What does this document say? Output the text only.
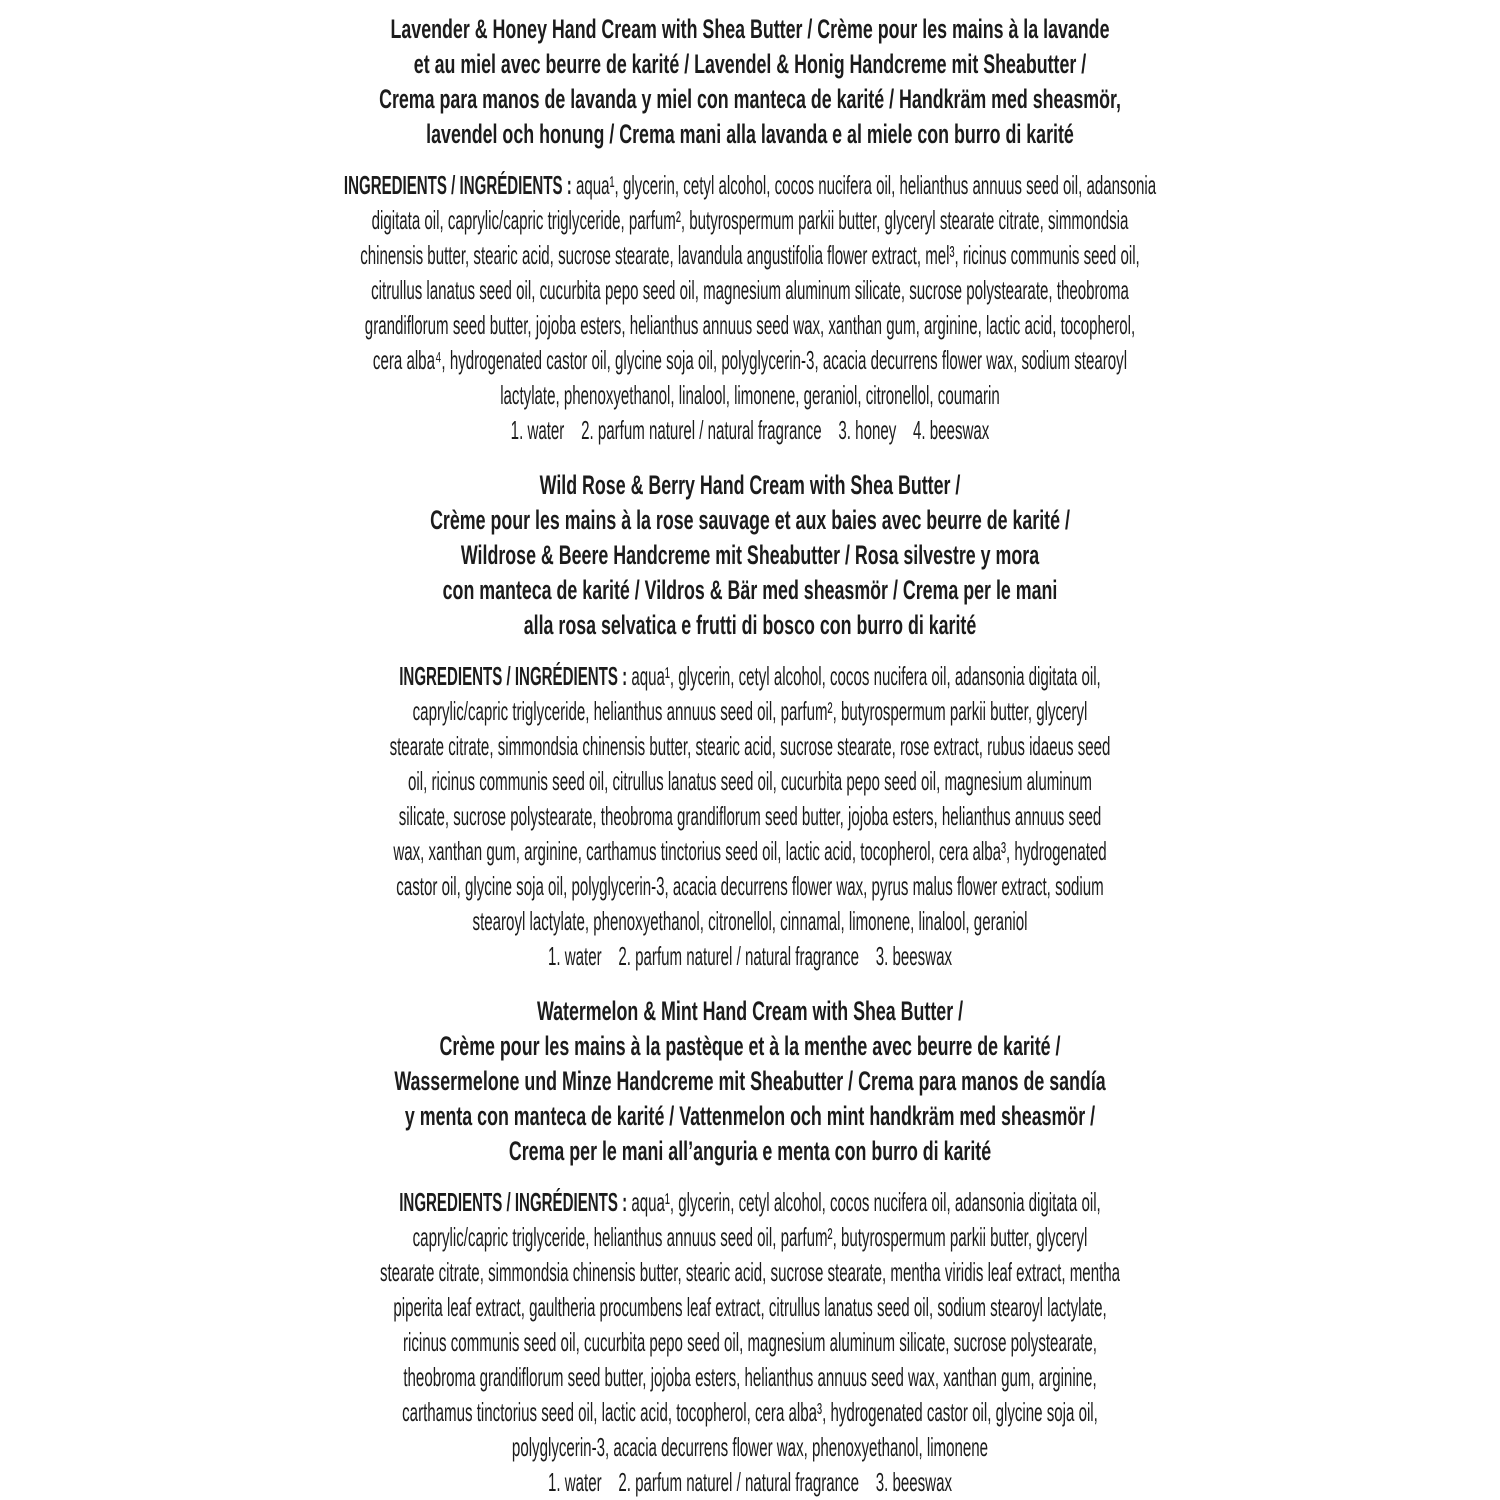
Lavender & Honey Hand Cream with Shea Butter / Crème pour les mains à la lavande
et au miel avec beurre de karité / Lavendel & Honig Handcreme mit Sheabutter /
Crema para manos de lavanda y miel con manteca de karité / Handkräm med sheasmör,
lavendel och honung / Crema mani alla lavanda e al miele con burro di karité
INGREDIENTS / INGRÉDIENTS : aqua¹, glycerin, cetyl alcohol, cocos nucifera oil, helianthus annuus seed oil, adansonia
digitata oil, caprylic/capric triglyceride, parfum², butyrospermum parkii butter, glyceryl stearate citrate, simmondsia
chinensis butter, stearic acid, sucrose stearate, lavandula angustifolia flower extract, mel³, ricinus communis seed oil,
citrullus lanatus seed oil, cucurbita pepo seed oil, magnesium aluminum silicate, sucrose polystearate, theobroma
grandiflorum seed butter, jojoba esters, helianthus annuus seed wax, xanthan gum, arginine, lactic acid, tocopherol,
cera alba⁴, hydrogenated castor oil, glycine soja oil, polyglycerin-3, acacia decurrens flower wax, sodium stearoyl
lactylate, phenoxyethanol, linalool, limonene, geraniol, citronellol, coumarin
1. water    2. parfum naturel / natural fragrance    3. honey    4. beeswax
Wild Rose & Berry Hand Cream with Shea Butter /
Crème pour les mains à la rose sauvage et aux baies avec beurre de karité /
Wildrose & Beere Handcreme mit Sheabutter / Rosa silvestre y mora
con manteca de karité / Vildros & Bär med sheasmör / Crema per le mani
alla rosa selvatica e frutti di bosco con burro di karité
INGREDIENTS / INGRÉDIENTS : aqua¹, glycerin, cetyl alcohol, cocos nucifera oil, adansonia digitata oil,
caprylic/capric triglyceride, helianthus annuus seed oil, parfum², butyrospermum parkii butter, glyceryl
stearate citrate, simmondsia chinensis butter, stearic acid, sucrose stearate, rose extract, rubus idaeus seed
oil, ricinus communis seed oil, citrullus lanatus seed oil, cucurbita pepo seed oil, magnesium aluminum
silicate, sucrose polystearate, theobroma grandiflorum seed butter, jojoba esters, helianthus annuus seed
wax, xanthan gum, arginine, carthamus tinctorius seed oil, lactic acid, tocopherol, cera alba³, hydrogenated
castor oil, glycine soja oil, polyglycerin-3, acacia decurrens flower wax, pyrus malus flower extract, sodium
stearoyl lactylate, phenoxyethanol, citronellol, cinnamal, limonene, linalool, geraniol
1. water    2. parfum naturel / natural fragrance    3. beeswax
Watermelon & Mint Hand Cream with Shea Butter /
Crème pour les mains à la pastèque et à la menthe avec beurre de karité /
Wassermelone und Minze Handcreme mit Sheabutter / Crema para manos de sandía
y menta con manteca de karité / Vattenmelon och mint handkräm med sheasmör /
Crema per le mani all’anguria e menta con burro di karité
INGREDIENTS / INGRÉDIENTS : aqua¹, glycerin, cetyl alcohol, cocos nucifera oil, adansonia digitata oil,
caprylic/capric triglyceride, helianthus annuus seed oil, parfum², butyrospermum parkii butter, glyceryl
stearate citrate, simmondsia chinensis butter, stearic acid, sucrose stearate, mentha viridis leaf extract, mentha
piperita leaf extract, gaultheria procumbens leaf extract, citrullus lanatus seed oil, sodium stearoyl lactylate,
ricinus communis seed oil, cucurbita pepo seed oil, magnesium aluminum silicate, sucrose polystearate,
theobroma grandiflorum seed butter, jojoba esters, helianthus annuus seed wax, xanthan gum, arginine,
carthamus tinctorius seed oil, lactic acid, tocopherol, cera alba³, hydrogenated castor oil, glycine soja oil,
polyglycerin-3, acacia decurrens flower wax, phenoxyethanol, limonene
1. water    2. parfum naturel / natural fragrance    3. beeswax
